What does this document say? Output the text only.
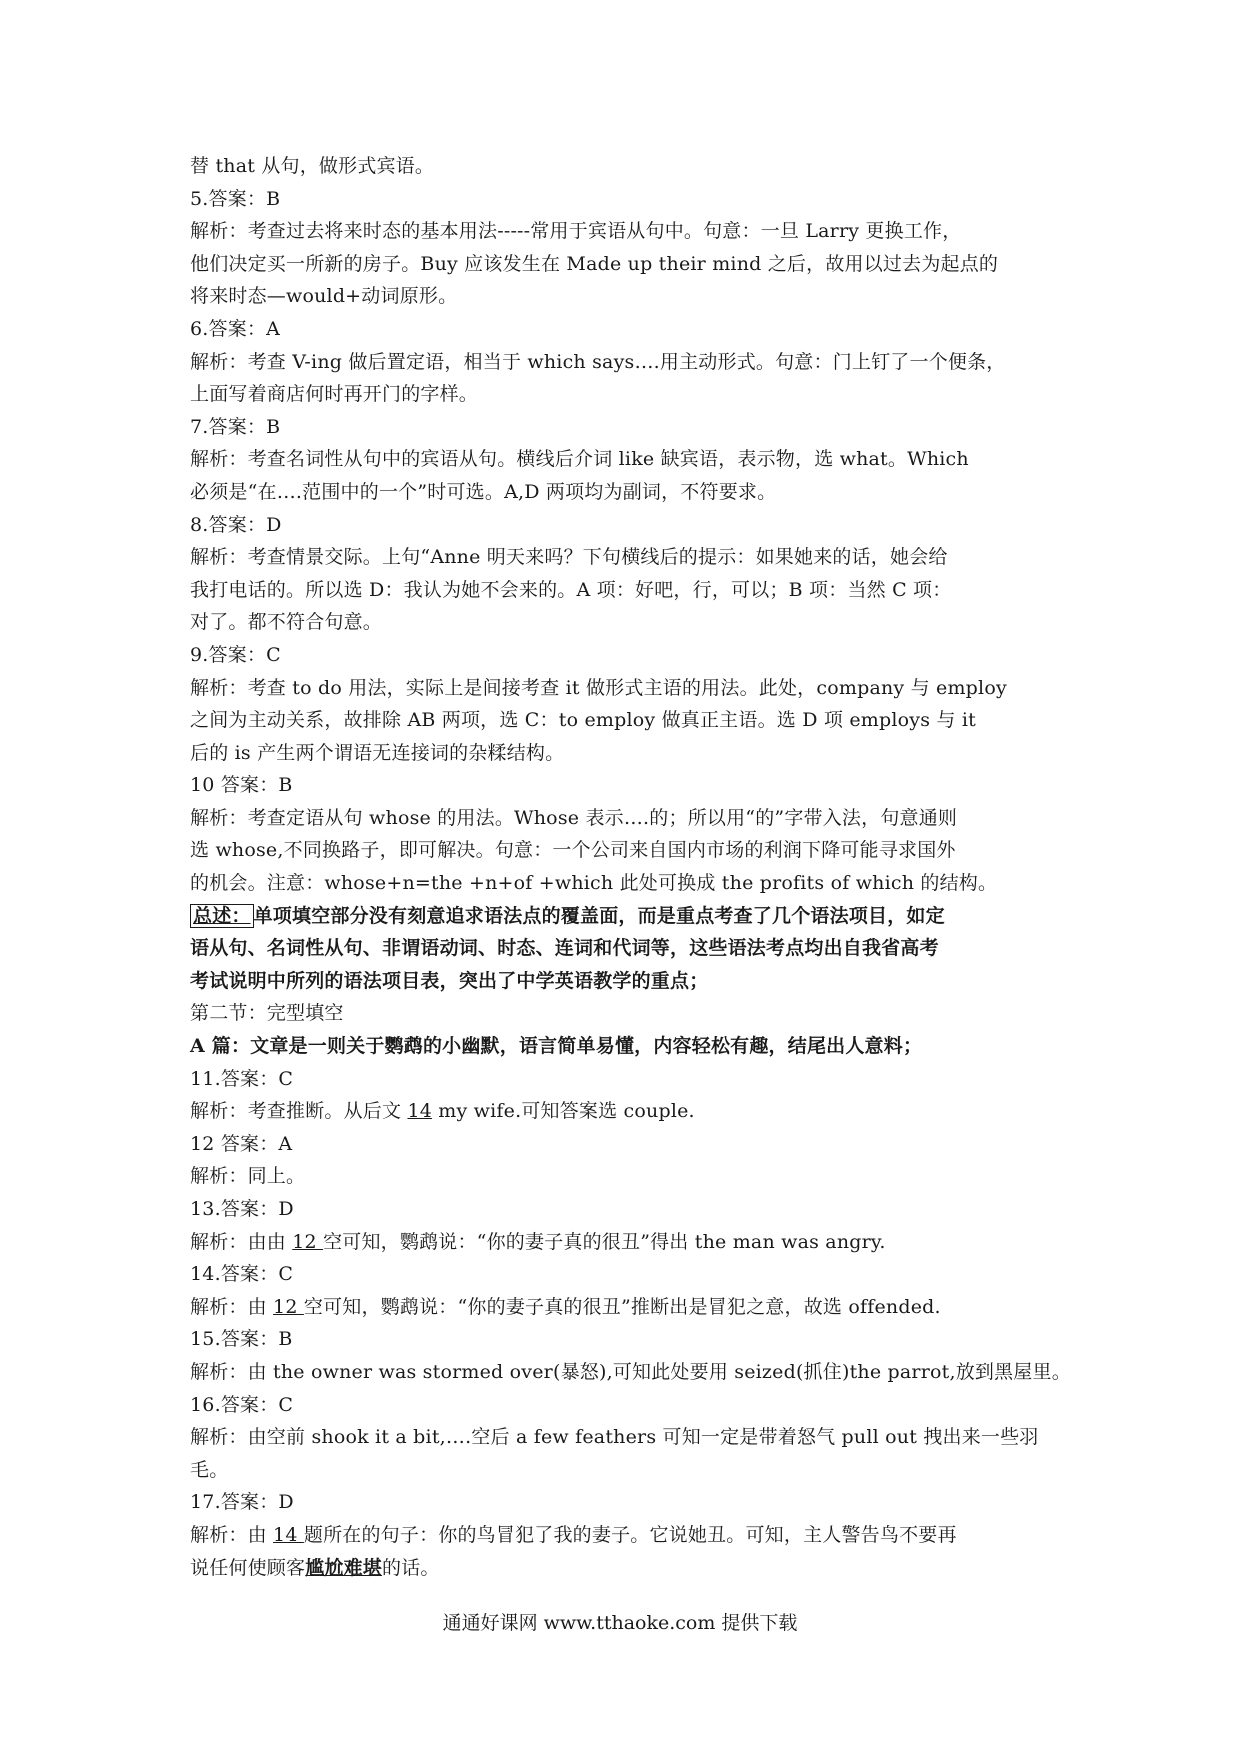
替 that 从句，做形式宾语。

5.答案：B

解析：考查过去将来时态的基本用法-----常用于宾语从句中。句意：一旦 Larry 更换工作，

他们决定买一所新的房子。Buy 应该发生在 Made up their mind 之后，故用以过去为起点的

将来时态—would+动词原形。

6.答案：A

解析：考查 V-ing 做后置定语，相当于 which says….用主动形式。句意：门上钉了一个便条，

上面写着商店何时再开门的字样。

7.答案：B

解析：考查名词性从句中的宾语从句。横线后介词 like 缺宾语，表示物，选 what。Which

必须是“在….范围中的一个”时可选。A,D 两项均为副词，不符要求。

8.答案：D

解析：考查情景交际。上句“Anne 明天来吗？下句横线后的提示：如果她来的话，她会给

我打电话的。所以选 D：我认为她不会来的。A 项：好吧，行，可以；B 项：当然 C 项：

对了。都不符合句意。

9.答案：C

解析：考查 to do 用法，实际上是间接考查 it 做形式主语的用法。此处，company 与 employ

之间为主动关系，故排除 AB 两项，选 C：to employ 做真正主语。选 D 项 employs 与 it

后的 is 产生两个谓语无连接词的杂糅结构。

10 答案：B

解析：考查定语从句 whose 的用法。Whose 表示….的；所以用“的”字带入法，句意通则

选 whose,不同换路子，即可解决。句意：一个公司来自国内市场的利润下降可能寻求国外

的机会。注意：whose+n=the +n+of +which 此处可换成 the profits of which 的结构。

总述： 单项填空部分没有刻意追求语法点的覆盖面，而是重点考查了几个语法项目，如定

语从句、名词性从句、非谓语动词、时态、连词和代词等，这些语法考点均出自我省高考

考试说明中所列的语法项目表，突出了中学英语教学的重点；

第二节：完型填空

A 篇：文章是一则关于鹦鹉的小幽默，语言简单易懂，内容轻松有趣，结尾出人意料；

11.答案：C

解析：考查推断。从后文 14 my wife.可知答案选 couple.

12 答案：A

解析：同上。

13.答案：D

解析：由由 12 空可知，鹦鹉说：“你的妻子真的很丑”得出 the man was angry.

14.答案：C

解析：由 12 空可知，鹦鹉说：“你的妻子真的很丑”推断出是冒犯之意，故选 offended.

15.答案：B

解析：由 the owner was stormed over(暴怒),可知此处要用 seized(抓住)the parrot,放到黑屋里。

16.答案：C

解析：由空前 shook it a bit,….空后 a few feathers 可知一定是带着怒气 pull out 拽出来一些羽

毛。

17.答案：D

解析：由 14 题所在的句子：你的鸟冒犯了我的妻子。它说她丑。可知，主人警告鸟不要再

说任何使顾客尴尬难堪的话。

通通好课网 www.tthaoke.com 提供下载
